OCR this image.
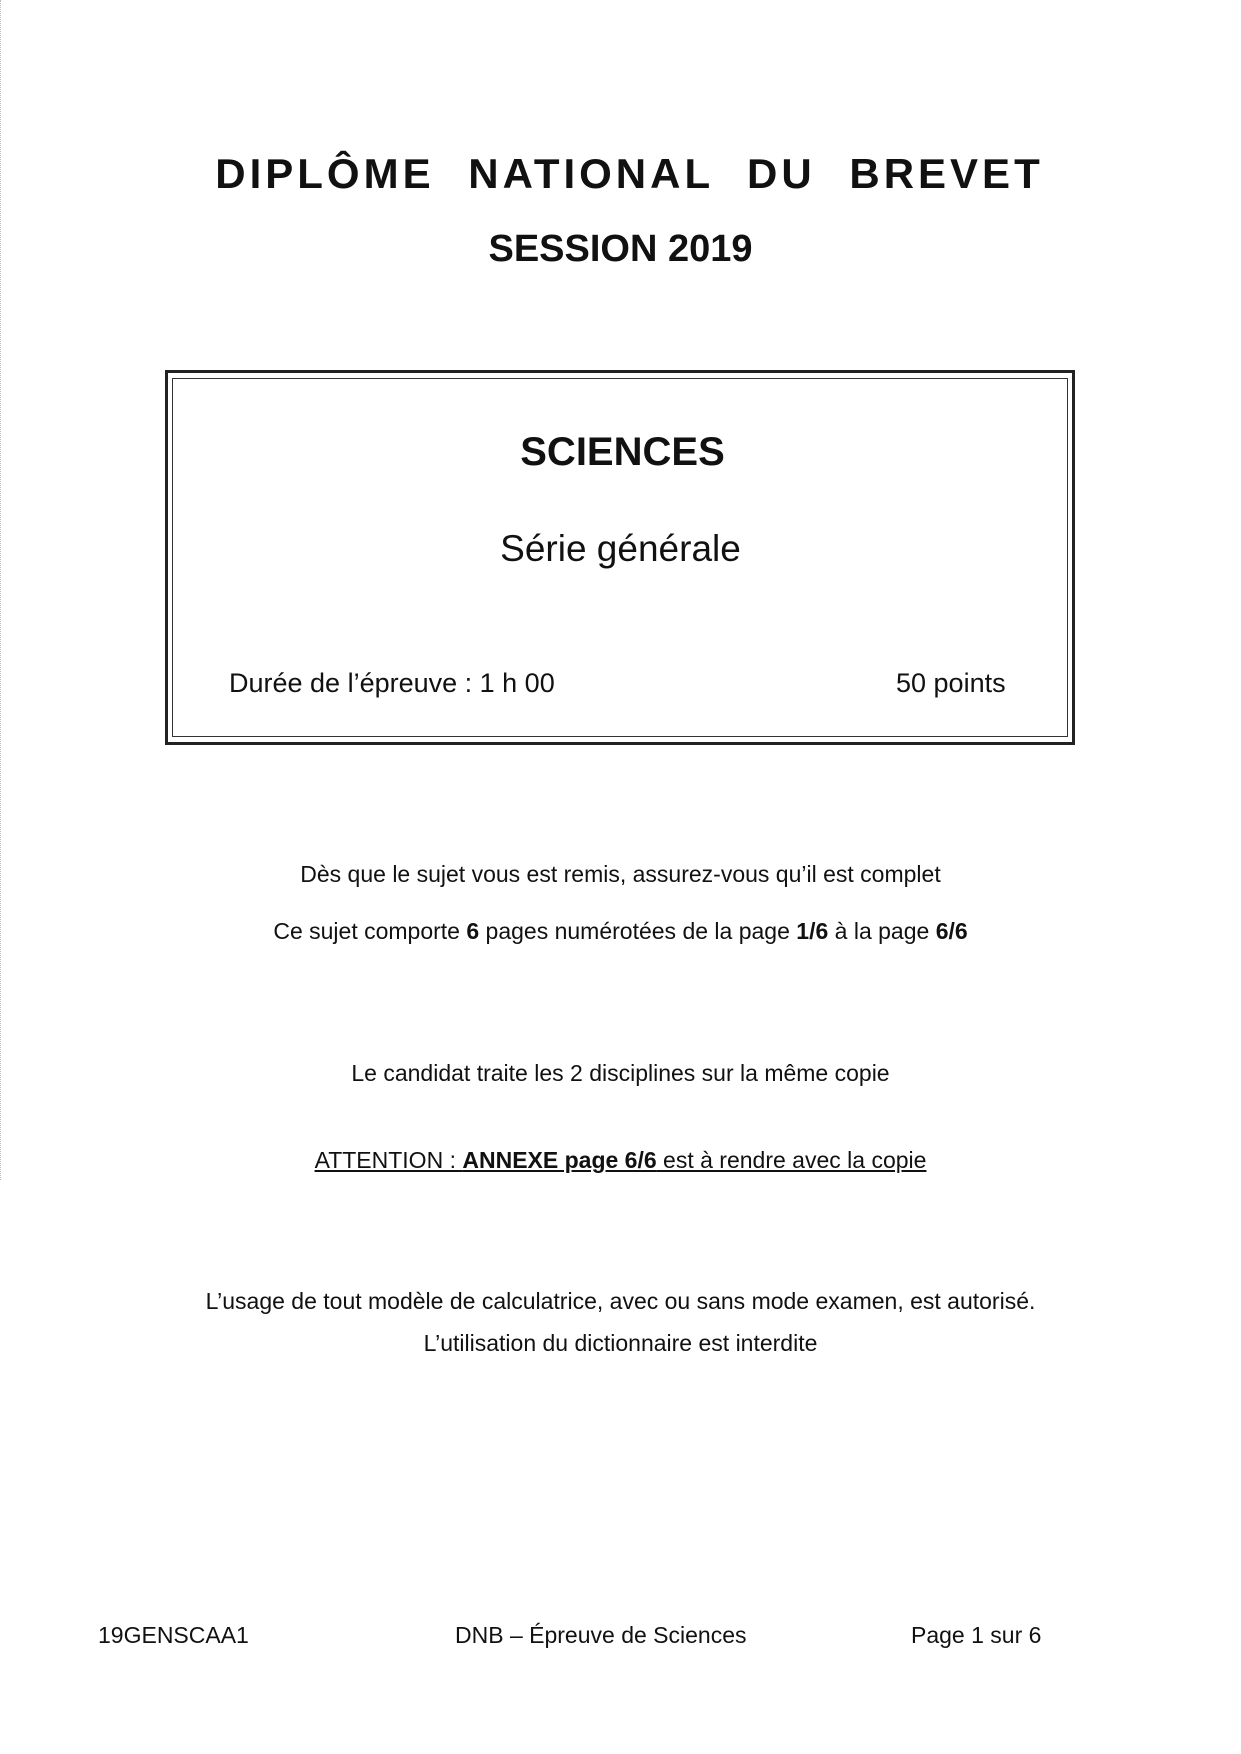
DIPLÔME NATIONAL DU BREVET
SESSION 2019
SCIENCES
Série générale
Durée de l’épreuve : 1 h 00	50 points
Dès que le sujet vous est remis, assurez-vous qu’il est complet
Ce sujet comporte 6 pages numérotées de la page 1/6 à la page 6/6
Le candidat traite les 2 disciplines sur la même copie
ATTENTION : ANNEXE page 6/6 est à rendre avec la copie
L’usage de tout modèle de calculatrice, avec ou sans mode examen, est autorisé.
L’utilisation du dictionnaire est interdite
19GENSCAA1	DNB – Épreuve de Sciences	Page 1 sur 6
